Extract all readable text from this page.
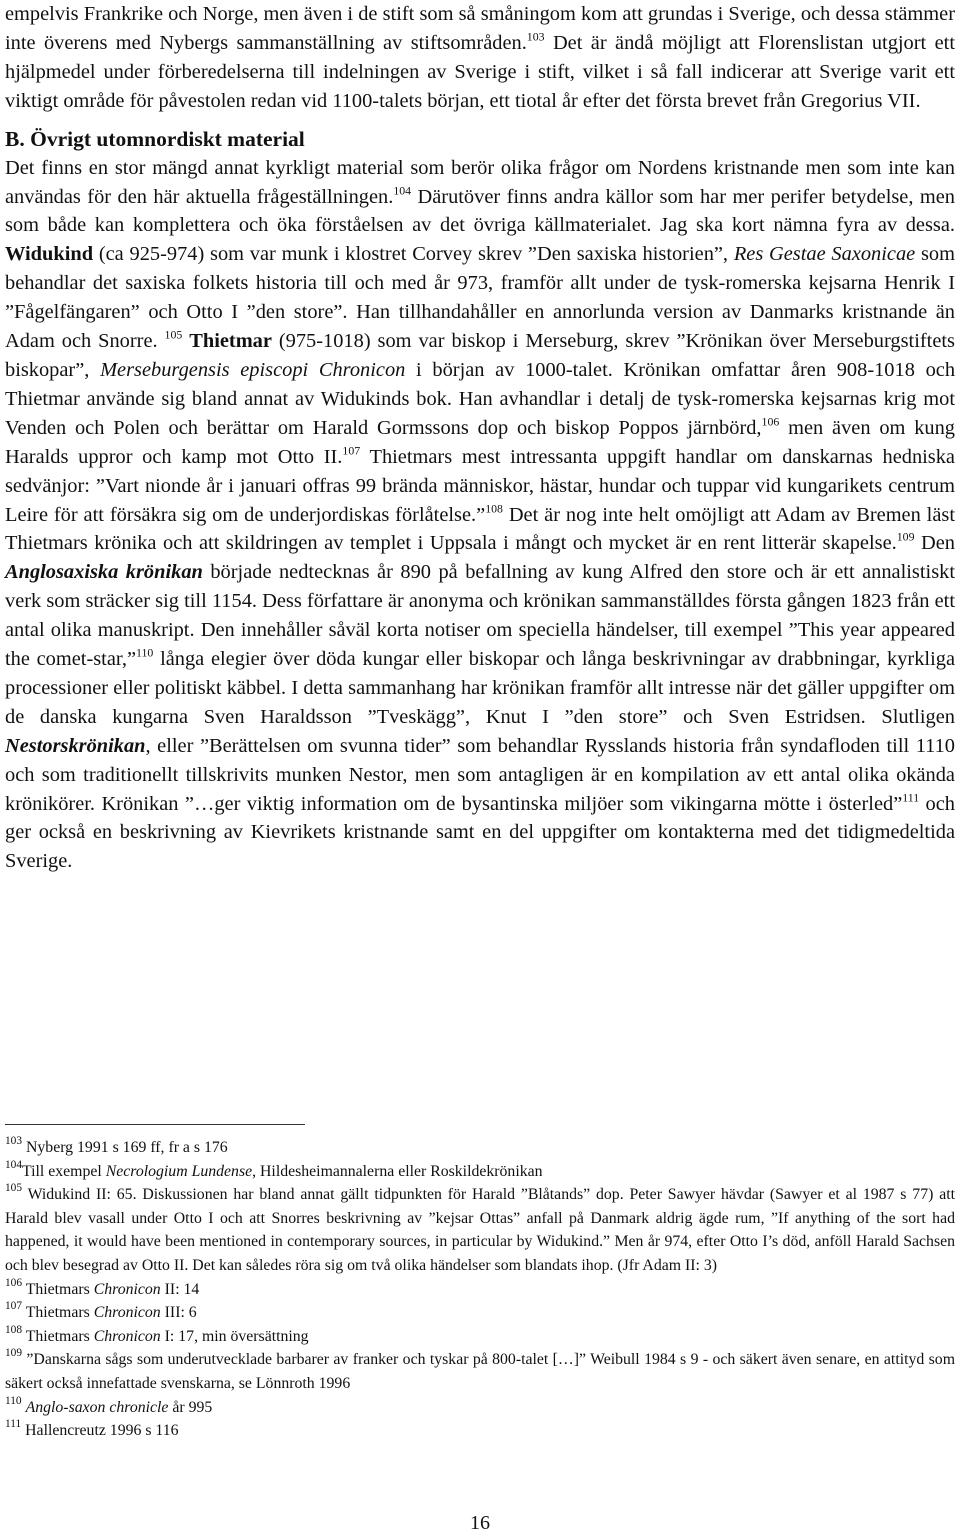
empelvis Frankrike och Norge, men även i de stift som så småningom kom att grundas i Sverige, och dessa stämmer inte överens med Nybergs sammanställning av stiftsområden.$^{103}$ Det är ändå möjligt att Florenslistan utgjort ett hjälpmedel under förberedelserna till indelningen av Sverige i stift, vilket i så fall indicerar att Sverige varit ett viktigt område för påvestolen redan vid 1100-talets början, ett tiotal år efter det första brevet från Gregorius VII.

B. Övrigt utomnordiskt material

Det finns en stor mängd annat kyrkligt material som berör olika frågor om Nordens kristnande men som inte kan användas för den här aktuella frågeställningen.$^{104}$ Därutöver finns andra källor som har mer perifer betydelse, men som både kan komplettera och öka förståelsen av det övriga källmaterialet. Jag ska kort nämna fyra av dessa. Widukind (ca 925-974) som var munk i klostret Corvey skrev ”Den saxiska historien”, Res Gestae Saxonicae som behandlar det saxiska folkets historia till och med år 973, framför allt under de tysk-romerska kejsarna Henrik I ”Fågelfängaren” och Otto I ”den store”. Han tillhandahåller en annorlunda version av Danmarks kristnande än Adam och Snorre. $^{105}$ Thietmar (975-1018) som var biskop i Merseburg, skrev ”Krönikan över Merseburgstiftets biskopar”, Merseburgensis episcopi Chronicon i början av 1000-talet. Krönikan omfattar åren 908-1018 och Thietmar använde sig bland annat av Widukinds bok. Han avhandlar i detalj de tysk-romerska kejsarnas krig mot Venden och Polen och berättar om Harald Gormssons dop och biskop Poppos järnbörd,$^{106}$ men även om kung Haralds uppror och kamp mot Otto II.$^{107}$ Thietmars mest intressanta uppgift handlar om danskarnas hedniska sedvänjor: ”Vart nionde år i januari offras 99 brända människor, hästar, hundar och tuppar vid kungarikets centrum Leire för att försäkra sig om de underjordiskas förlåtelse.”$^{108}$ Det är nog inte helt omöjligt att Adam av Bremen läst Thietmars krönika och att skildringen av templet i Uppsala i mångt och mycket är en rent litterär skapelse.$^{109}$ Den Anglosaxiska krönikan började nedtecknas år 890 på befallning av kung Alfred den store och är ett annalistiskt verk som sträcker sig till 1154. Dess författare är anonyma och krönikan sammanställdes första gången 1823 från ett antal olika manuskript. Den innehåller såväl korta notiser om speciella händelser, till exempel ”This year appeared the comet-star,”$^{110}$ långa elegier över döda kungar eller biskopar och långa beskrivningar av drabbningar, kyrkliga processioner eller politiskt käbbel. I detta sammanhang har krönikan framför allt intresse när det gäller uppgifter om de danska kungarna Sven Haraldsson ”Tveskägg”, Knut I ”den store” och Sven Estridsen. Slutligen Nestorskrönikan, eller ”Berättelsen om svunna tider” som behandlar Rysslands historia från syndafloden till 1110 och som traditionellt tillskrivits munken Nestor, men som antagligen är en kompilation av ett antal olika okända krönikörer. Krönikan ”…ger viktig information om de bysantinska miljöer som vikingarna mötte i österled”$^{111}$ och ger också en beskrivning av Kievrikets kristnande samt en del uppgifter om kontakterna med det tidigmedeltida Sverige.

$^{103}$ Nyberg 1991 s 169 ff, fr a s 176

$^{104}$Till exempel Necrologium Lundense, Hildesheimannalerna eller Roskildekrönikan

$^{105}$ Widukind II: 65. Diskussionen har bland annat gällt tidpunkten för Harald ”Blåtands” dop. Peter Sawyer hävdar (Sawyer et al 1987 s 77) att Harald blev vasall under Otto I och att Snorres beskrivning av ”kejsar Ottas” anfall på Danmark aldrig ägde rum, ”If anything of the sort had happened, it would have been mentioned in contemporary sources, in particular by Widukind.” Men år 974, efter Otto I’s död, anföll Harald Sachsen och blev besegrad av Otto II. Det kan således röra sig om två olika händelser som blandats ihop. (Jfr Adam II: 3)

$^{106}$ Thietmars Chronicon II: 14

$^{107}$ Thietmars Chronicon III: 6

$^{108}$ Thietmars Chronicon I: 17, min översättning

$^{109}$ ”Danskarna sågs som underutvecklade barbarer av franker och tyskar på 800-talet […]” Weibull 1984 s 9 - och säkert även senare, en attityd som säkert också innefattade svenskarna, se Lönnroth 1996

$^{110}$ Anglo-saxon chronicle år 995

$^{111}$ Hallencreutz 1996 s 116

16
